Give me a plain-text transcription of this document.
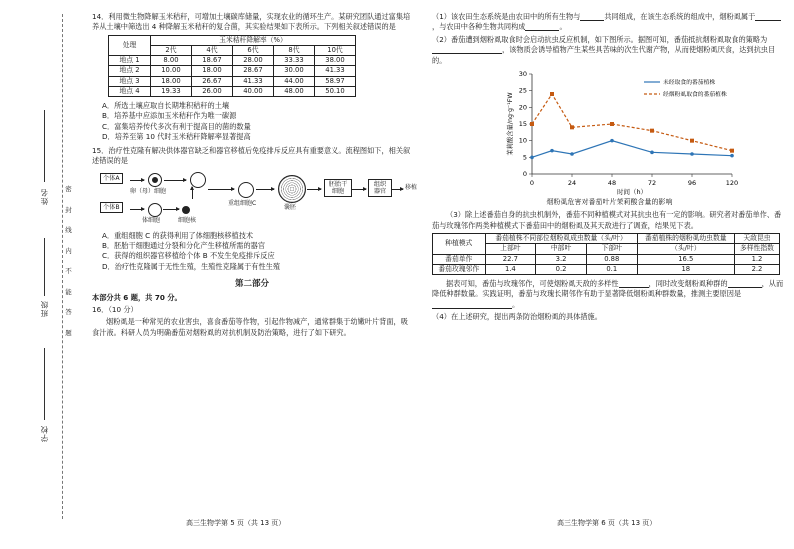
姓名
班级
学校
密
封
线
内
不
能
答
题

14．利用微生物降解玉米秸秆，可增加土壤碳库储量，实现农业的循环生产。某研究团队通过富集培养从土壤中筛选出 4 种降解玉米秸秆的复合菌，其实验结果如下表所示。下列相关叙述错误的是

处理	玉米秸秆降解率（%）				
	2代	4代	6代	8代	10代
地点 1	8.00	18.67	28.00	33.33	38.00
地点 2	10.00	18.00	28.67	30.00	41.33
地点 3	18.00	26.67	41.33	44.00	58.97
地点 4	19.33	26.00	40.00	48.00	50.10

A．所选土壤应取自长期堆积秸秆的土壤

B．培养基中应添加玉米秸秆作为唯一碳源

C．富集培养传代多次有利于提高目的菌的数量

D．培养至第 10 代时玉米秸秆降解率显著提高

15．治疗性克隆有解决供体器官缺乏和器官移植后免疫排斥反应具有重要意义。流程图如下，相关叙述错误的是

个体A
卵（母）细胞
个体B
体细胞	细胞核
重组细胞C
囊胚
胚胎干细胞
组织器官
移植

A．重组细胞 C 的获得利用了体细胞核移植技术

B．胚胎干细胞通过分裂和分化产生移植所需的器官

C．获得的组织器官移植给个体 B 不发生免疫排斥反应

D．治疗性克隆属于无性生殖，生殖性克隆属于有性生殖

第二部分

本部分共 6 题，共 70 分。

16．（10 分）

烟粉虱是一种常见的农业害虫，喜食番茄等作物，引起作物减产，通常群集于幼嫩叶片背面，吸食汁液。科研人员为明确番茄对烟粉虱的对抗机制及防治策略，进行了如下研究。

高三生物学第 5 页（共 13 页）

（1）该农田生态系统是由农田中的所有生物与	共同组成，在该生态系统的组成中，烟粉虱属于，与农田中各种生物共同构成	。

（2）番茄遭到烟粉虱取食时会启动抗虫反应机制，如下图所示。据图可知，番茄抵抗烟粉虱取食的策略为，该物质会诱导植物产生某些具苦味的次生代谢产物，从而使烟粉虱厌食，达到抗虫目的。

0
5
10
15
20
25
30
0	24	48	72	96	120
时间（h）
茉莉酸含量/ng·g⁻¹FW
未经取食的番茄植株
经烟粉虱取食的番茄植株
烟粉虱危害对番茄叶片茉莉酸含量的影响

（3）除上述番茄自身的抗虫机制外，番茄不同种植模式对其抗虫也有一定的影响。研究者对番茄单作、番茄与玫瑰邻作两类种植模式下番茄田中的烟粉虱及其天敌进行了调查，结果见下表。

种植模式	番茄植株不同部位烟粉虱成虫数量（头/叶）			番茄植株的烟粉虱幼虫数量	天敌昆虫
	上部叶	中部叶	下部叶	（头/叶）	多样性指数
番茄单作	22.7	3.2	0.88	16.5	1.2
番茄玫瑰邻作	1.4	0.2	0.1	18	2.2

据表可知，番茄与玫瑰邻作，可使烟粉虱天敌的多样性	，同时改变烟粉虱种群的	，从而降低种群数量。实践证明，番茄与玫瑰长期邻作有助于显著降低烟粉虱种群数量，推测主要原因是。

（4）在上述研究，提出两条防治烟粉虱的具体措施。

高三生物学第 6 页（共 13 页）
